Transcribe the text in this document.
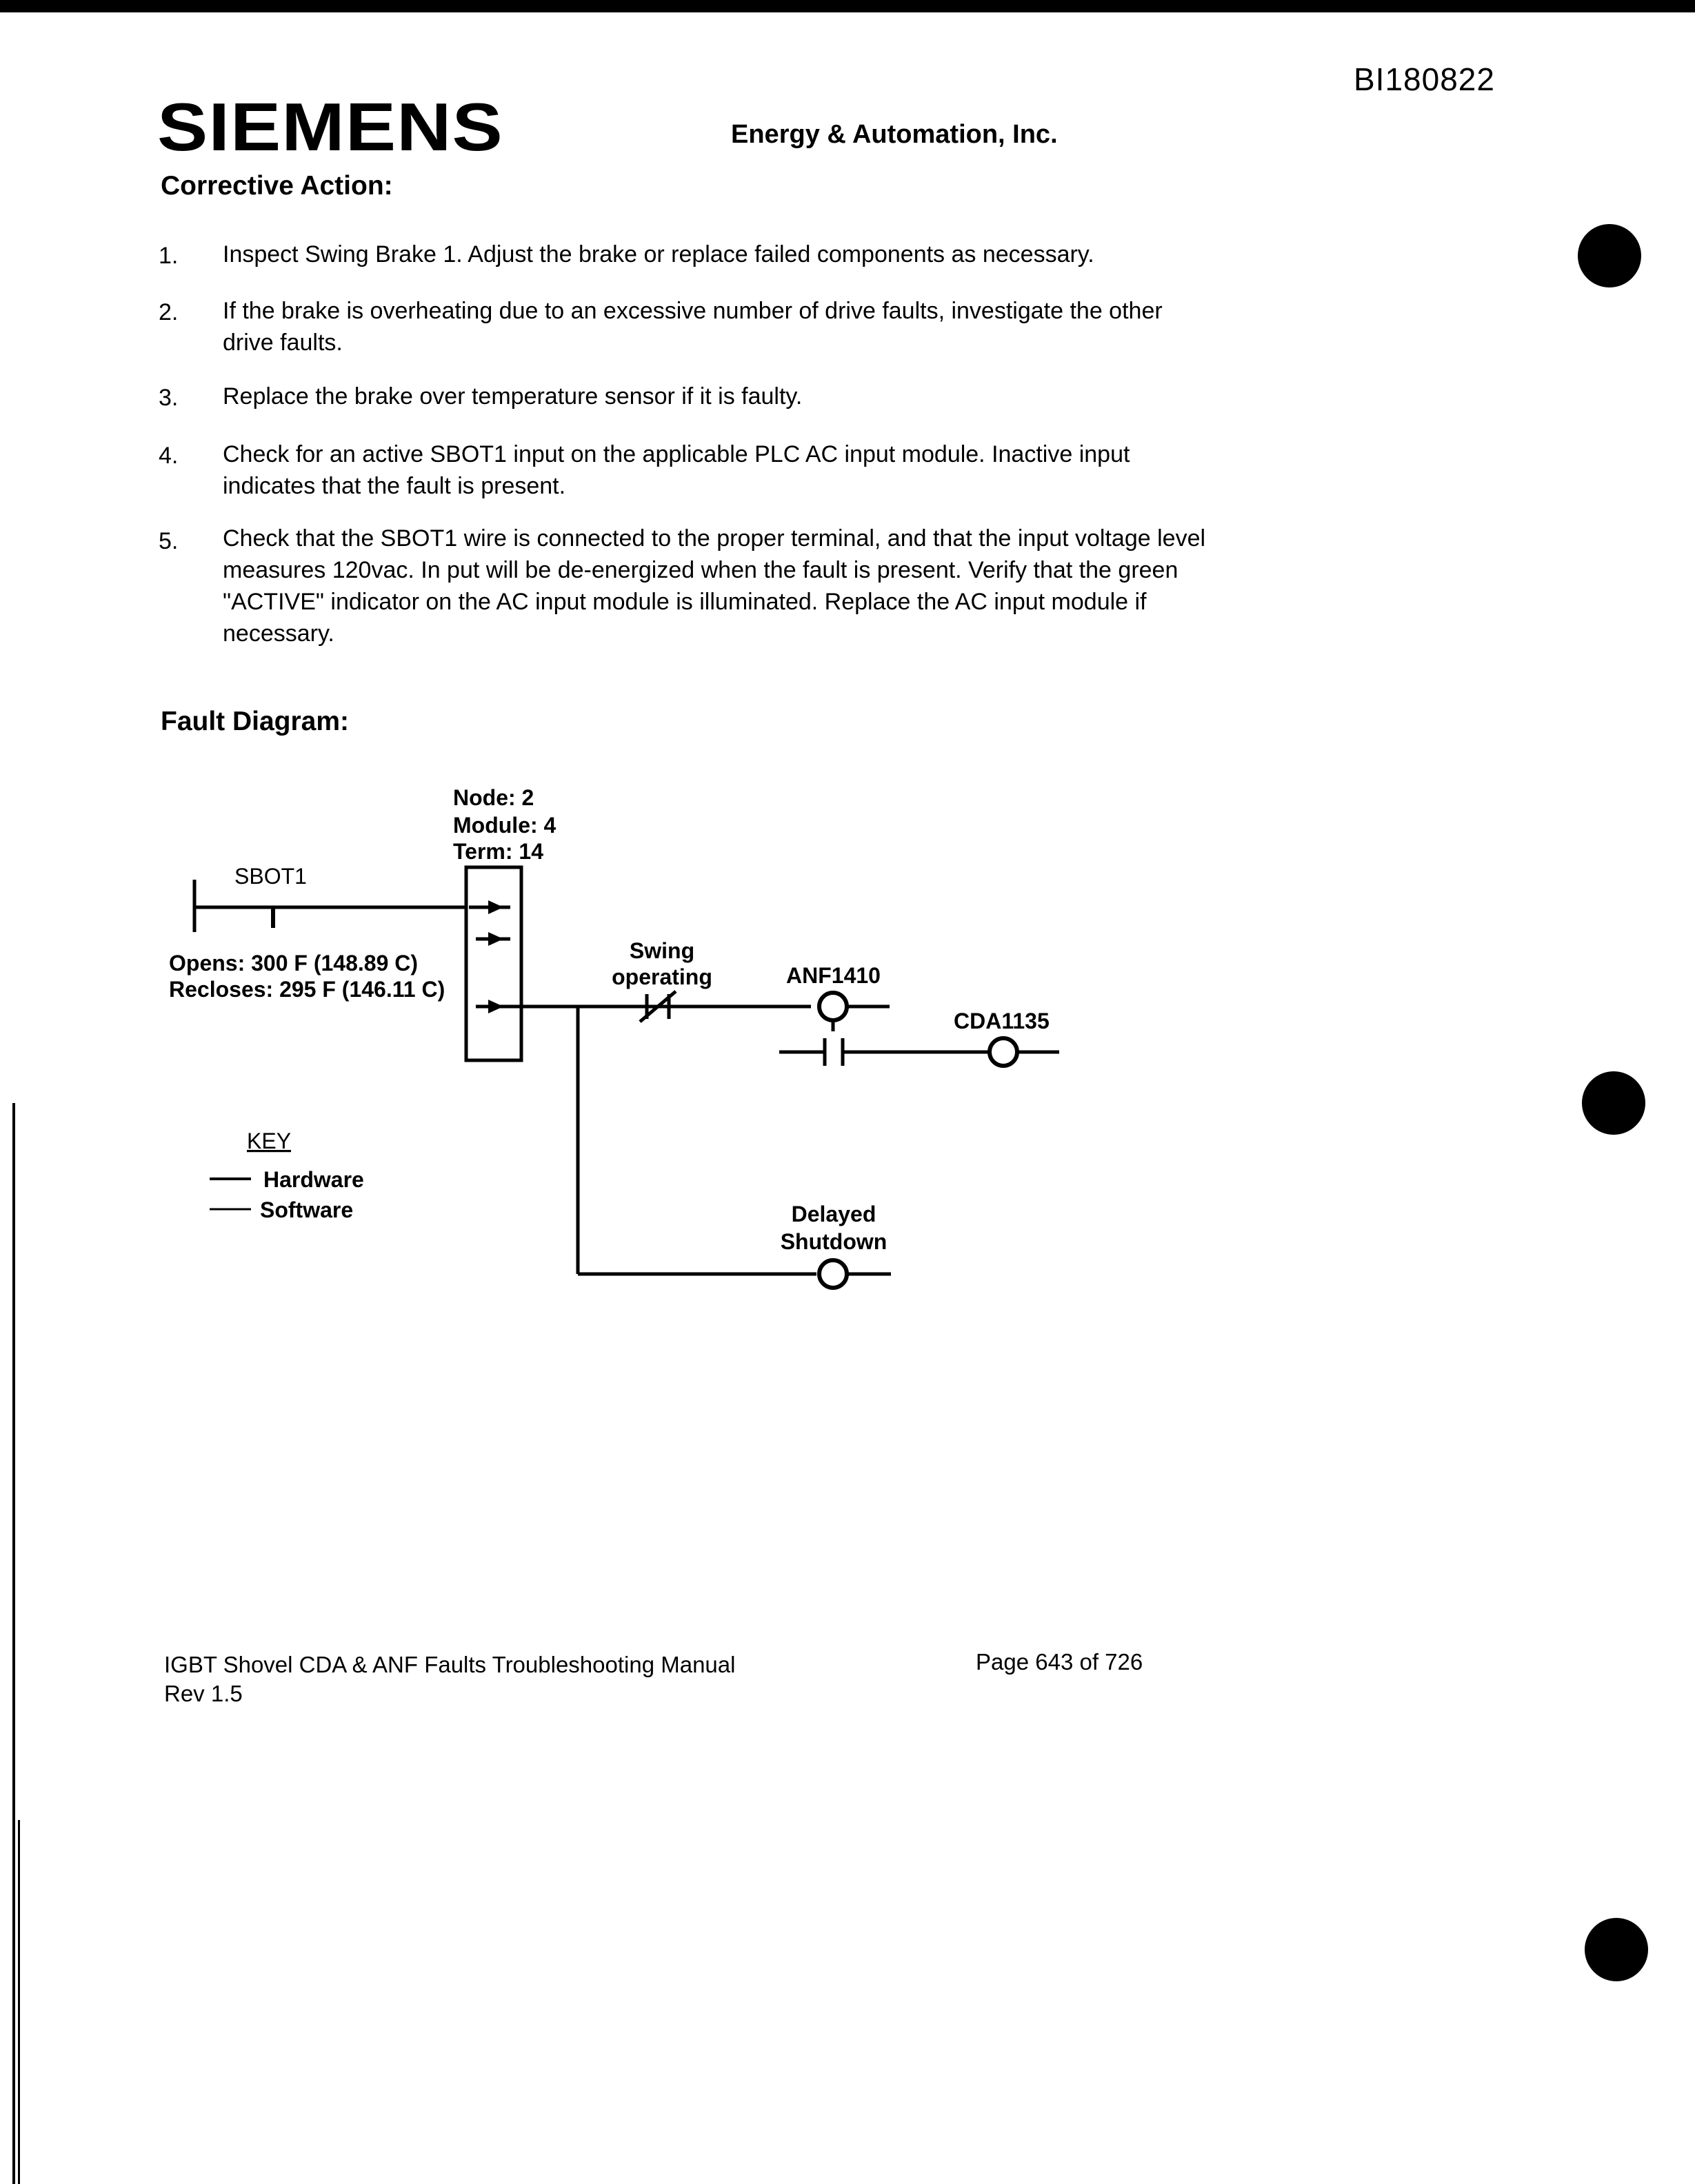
BI180822
SIEMENS	Energy & Automation, Inc.
Corrective Action:
1. Inspect Swing Brake 1. Adjust the brake or replace failed components as necessary.
2. If the brake is overheating due to an excessive number of drive faults, investigate the other drive faults.
3. Replace the brake over temperature sensor if it is faulty.
4. Check for an active SBOT1 input on the applicable PLC AC input module. Inactive input indicates that the fault is present.
5. Check that the SBOT1 wire is connected to the proper terminal, and that the input voltage level measures 120vac. In put will be de-energized when the fault is present. Verify that the green "ACTIVE" indicator on the AC input module is illuminated. Replace the AC input module if necessary.
Fault Diagram:
Node: 2
Module: 4
Term: 14
SBOT1
Opens: 300 F (148.89 C)
Recloses: 295 F (146.11 C)
Swing
operating	ANF1410
CDA1135
Delayed
Shutdown
KEY
Hardware
Software
IGBT Shovel CDA & ANF Faults Troubleshooting Manual
Rev 1.5
Page 643 of 726
